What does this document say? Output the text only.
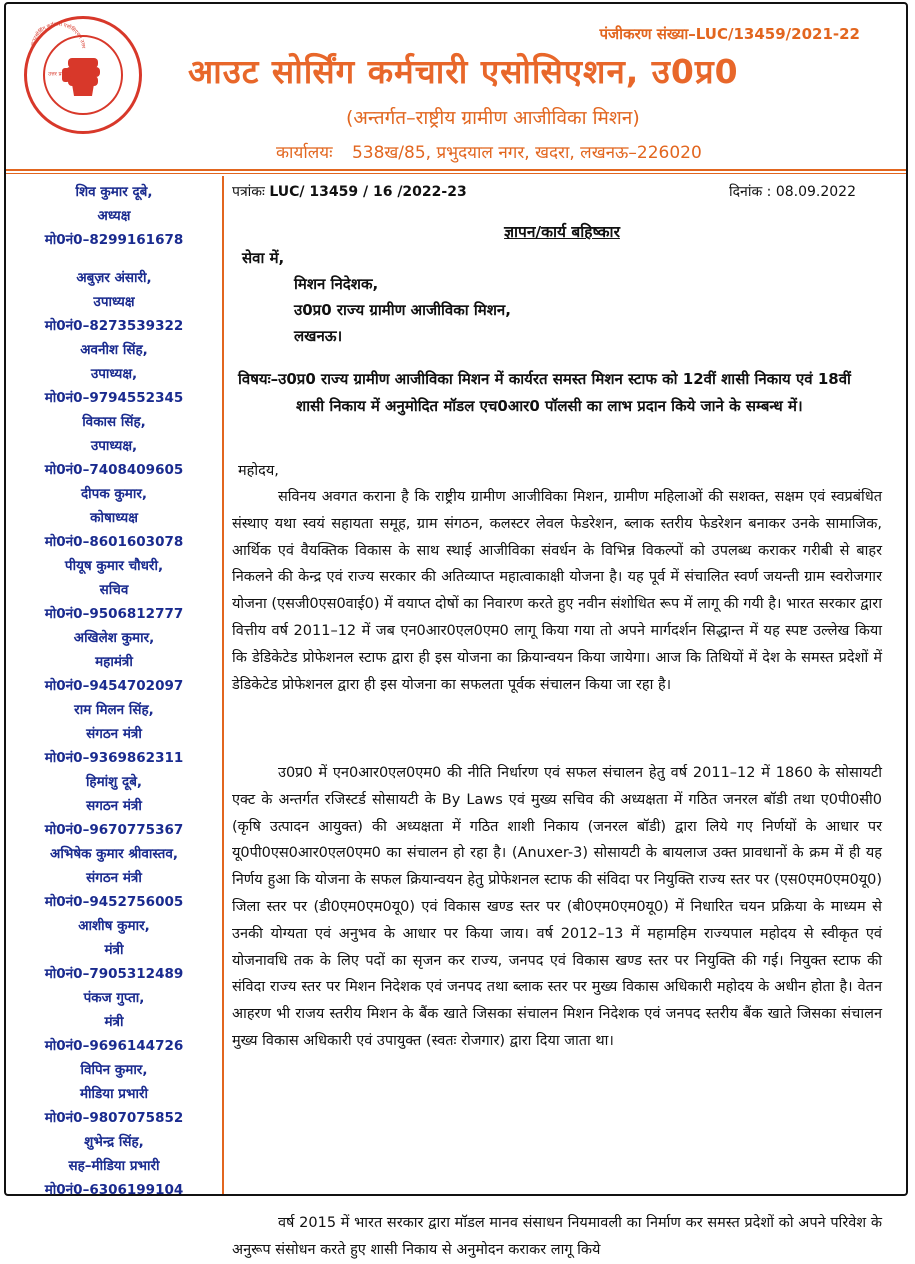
आउटसोर्सिंग कर्मचारी एसोसिएशन उत्तर
उत्तर प्रदेश
पंजीकरण संख्या–LUC/13459/2021-22
आउट सोर्सिंग कर्मचारी एसोसिएशन, उ0प्र0
(अन्तर्गत–राष्ट्रीय ग्रामीण आजीविका मिशन)
कार्यालयः 538ख/85, प्रभुदयाल नगर, खदरा, लखनऊ–226020
शिव कुमार दूबे,
अध्यक्ष
मो0नं0–8299161678
अबुज़र अंसारी,
उपाध्यक्ष
मो0नं0–8273539322
अवनीश सिंह,
उपाध्यक्ष,
मो0नं0–9794552345
विकास सिंह,
उपाध्यक्ष,
मो0नं0–7408409605
दीपक कुमार,
कोषाध्यक्ष
मो0नं0–8601603078
पीयूष कुमार चौधरी,
सचिव
मो0नं0–9506812777
अखिलेश कुमार,
महामंत्री
मो0नं0–9454702097
राम मिलन सिंह,
संगठन मंत्री
मो0नं0–9369862311
हिमांशु दूबे,
सगठन मंत्री
मो0नं0–9670775367
अभिषेक कुमार श्रीवास्तव,
संगठन मंत्री
मो0नं0–9452756005
आशीष कुमार,
मंत्री
मो0नं0–7905312489
पंकज गुप्ता,
मंत्री
मो0नं0–9696144726
विपिन कुमार,
मीडिया प्रभारी
मो0नं0–9807075852
शुभेन्द्र सिंह,
सह–मीडिया प्रभारी
मो0नं0–6306199104
पत्रांकः LUC/ 13459 / 16 /2022-23	दिनांक : 08.09.2022
ज्ञापन/कार्य बहिष्कार
सेवा में,
मिशन निदेशक,
उ0प्र0 राज्य ग्रामीण आजीविका मिशन,
लखनऊ।
विषयः–उ0प्र0 राज्य ग्रामीण आजीविका मिशन में कार्यरत समस्त मिशन स्टाफ को 12वीं शासी निकाय एवं 18वीं शासी निकाय में अनुमोदित मॉडल एच0आर0 पॉलसी का लाभ प्रदान किये जाने के सम्बन्ध में।
महोदय,
सविनय अवगत कराना है कि राष्ट्रीय ग्रामीण आजीविका मिशन, ग्रामीण महिलाओं की सशक्त, सक्षम एवं स्वप्रबंधित संस्थाए यथा स्वयं सहायता समूह, ग्राम संगठन, कलस्टर लेवल फेडरेशन, ब्लाक स्तरीय फेडरेशन बनाकर उनके सामाजिक, आर्थिक एवं वैयक्तिक विकास के साथ स्थाई आजीविका संवर्धन के विभिन्न विकल्पों को उपलब्ध कराकर गरीबी से बाहर निकलने की केन्द्र एवं राज्य सरकार की अतिव्याप्त महात्वाकाक्षी योजना है। यह पूर्व में संचालित स्वर्ण जयन्ती ग्राम स्वरोजगार योजना (एसजी0एस0वाई0) में वयाप्त दोषों का निवारण करते हुए नवीन संशोधित रूप में लागू की गयी है। भारत सरकार द्वारा वित्तीय वर्ष 2011–12 में जब एन0आर0एल0एम0 लागू किया गया तो अपने मार्गदर्शन सिद्धान्त में यह स्पष्ट उल्लेख किया कि डेडिकेटेड प्रोफेशनल स्टाफ द्वारा ही इस योजना का क्रियान्वयन किया जायेगा। आज कि तिथियों में देश के समस्त प्रदेशों में डेडिकेटेड प्रोफेशनल द्वारा ही इस योजना का सफलता पूर्वक संचालन किया जा रहा है।
उ0प्र0 में एन0आर0एल0एम0 की नीति निर्धारण एवं सफल संचालन हेतु वर्ष 2011–12 में 1860 के सोसायटी एक्ट के अन्तर्गत रजिस्टर्ड सोसायटी के By Laws एवं मुख्य सचिव की अध्यक्षता में गठित जनरल बॉडी तथा ए0पी0सी0 (कृषि उत्पादन आयुक्त) की अध्यक्षता में गठित शाशी निकाय (जनरल बॉडी) द्वारा लिये गए निर्णयों के आधार पर यू0पी0एस0आर0एल0एम0 का संचालन हो रहा है। (Anuxer-3) सोसायटी के बायलाज उक्त प्रावधानों के क्रम में ही यह निर्णय हुआ कि योजना के सफल क्रियान्वयन हेतु प्रोफेशनल स्टाफ की संविदा पर नियुक्ति राज्य स्तर पर (एस0एम0एम0यू0) जिला स्तर पर (डी0एम0एम0यू0) एवं विकास खण्ड स्तर पर (बी0एम0एम0यू0) में निधारित चयन प्रक्रिया के माध्यम से उनकी योग्यता एवं अनुभव के आधार पर किया जाय। वर्ष 2012–13 में महामहिम राज्यपाल महोदय से स्वीकृत एवं योजनावधि तक के लिए पदों का सृजन कर राज्य, जनपद एवं विकास खण्ड स्तर पर नियुक्ति की गई। नियुक्त स्टाफ की संविदा राज्य स्तर पर मिशन निदेशक एवं जनपद तथा ब्लाक स्तर पर मुख्य विकास अधिकारी महोदय के अधीन होता है। वेतन आहरण भी राजय स्तरीय मिशन के बैंक खाते जिसका संचालन मिशन निदेशक एवं जनपद स्तरीय बैंक खाते जिसका संचालन मुख्य विकास अधिकारी एवं उपायुक्त (स्वतः रोजगार) द्वारा दिया जाता था।
वर्ष 2015 में भारत सरकार द्वारा मॉडल मानव संसाधन नियमावली का निर्माण कर समस्त प्रदेशों को अपने परिवेश के अनुरूप संसोधन करते हुए शासी निकाय से अनुमोदन कराकर लागू किये
